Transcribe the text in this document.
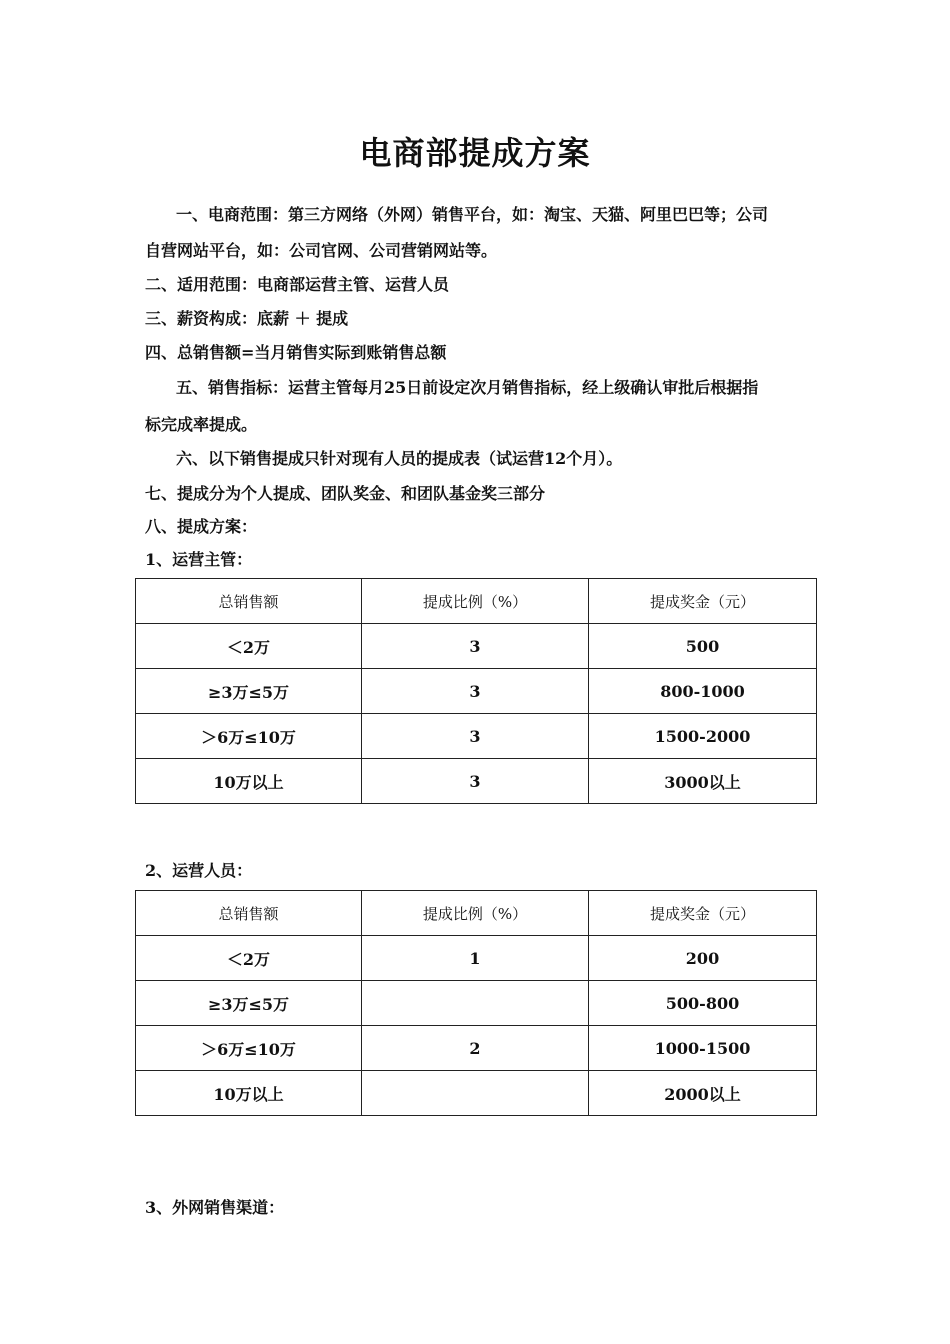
电商部提成方案
一、电商范围：第三方网络（外网）销售平台，如：淘宝、天猫、阿里巴巴等；公司
自营网站平台，如：公司官网、公司营销网站等。
二、适用范围：电商部运营主管、运营人员
三、薪资构成：底薪 ＋ 提成
四、总销售额=当月销售实际到账销售总额
五、销售指标：运营主管每月25日前设定次月销售指标，经上级确认审批后根据指
标完成率提成。
六、以下销售提成只针对现有人员的提成表（试运营12个月）。
七、提成分为个人提成、团队奖金、和团队基金奖三部分
八、提成方案：
1、运营主管：
总销售额	提成比例（%）	提成奖金（元）
＜2万	3	500
≥3万≤5万	3	800-1000
＞6万≤10万	3	1500-2000
10万以上	3	3000以上
2、运营人员：
总销售额	提成比例（%）	提成奖金（元）
＜2万	1	200
≥3万≤5万		500-800
＞6万≤10万	2	1000-1500
10万以上		2000以上
3、外网销售渠道：
